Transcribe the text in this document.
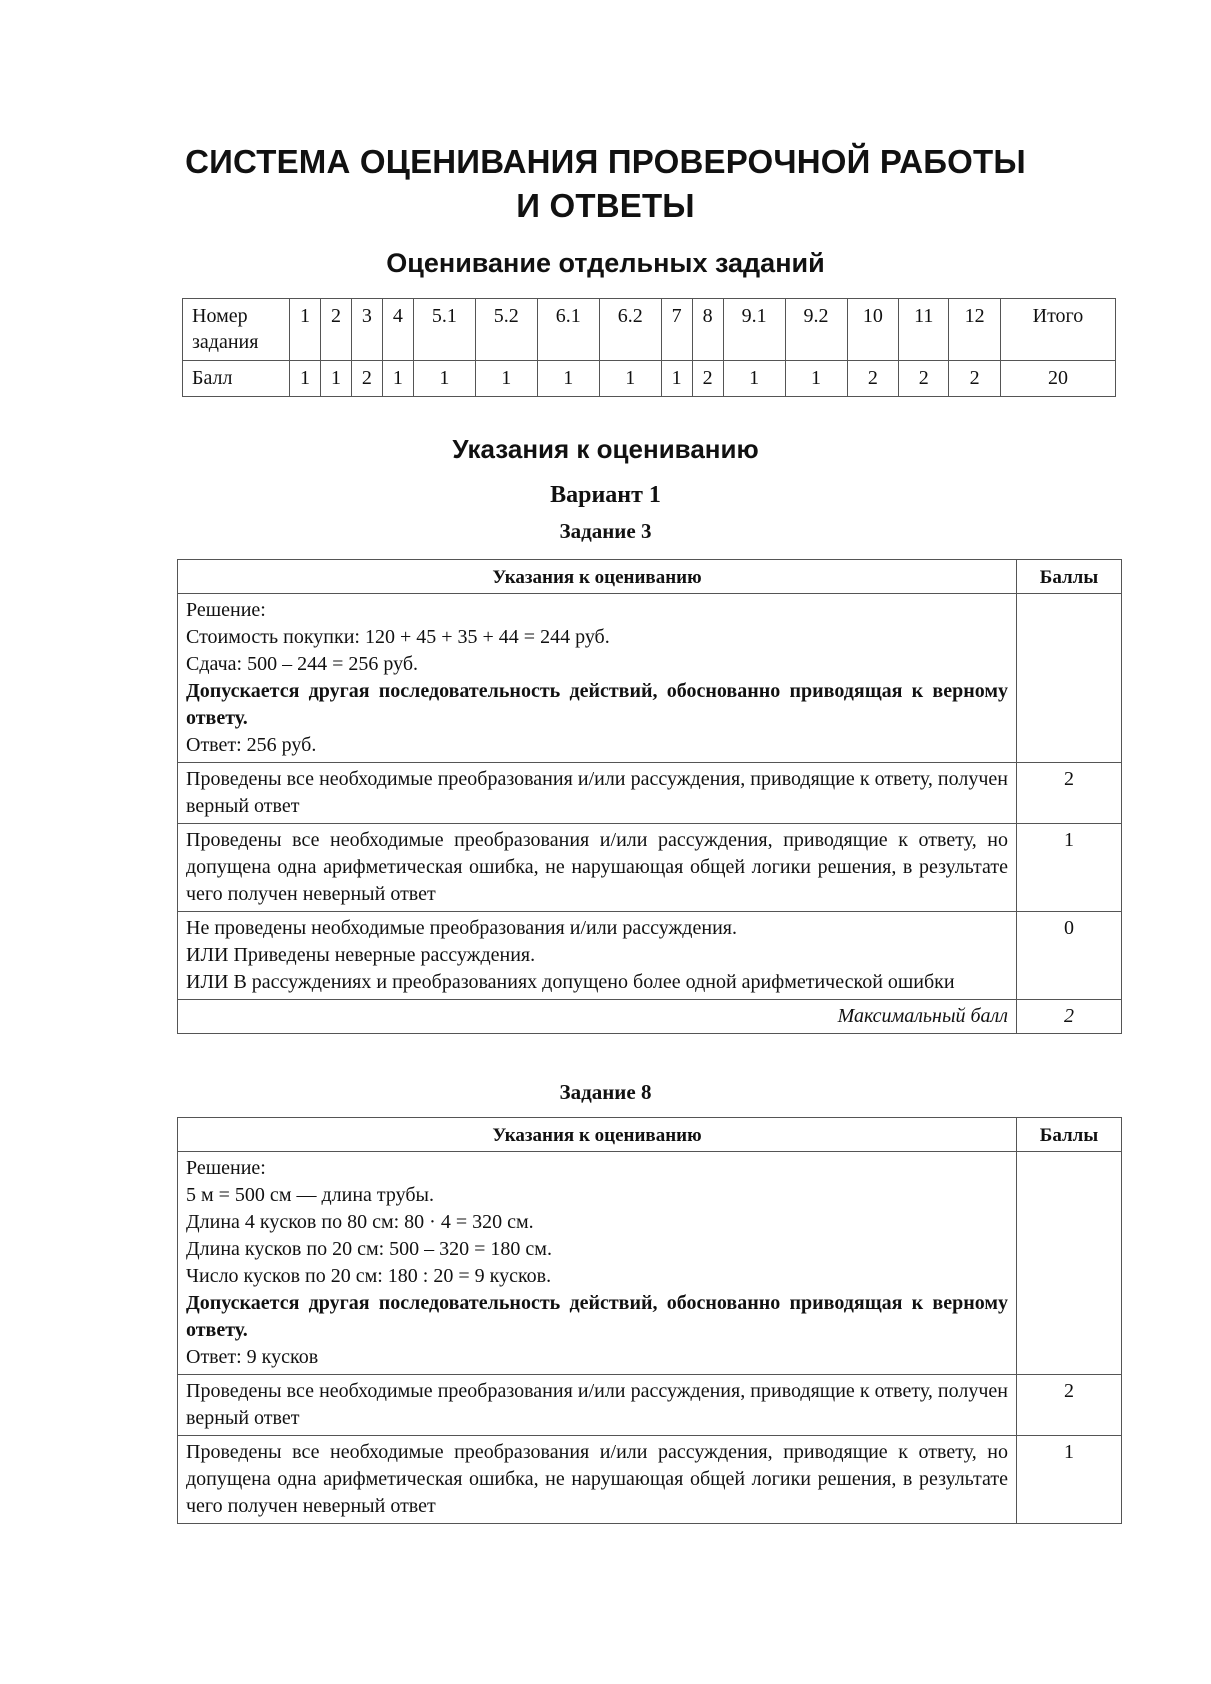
СИСТЕМА ОЦЕНИВАНИЯ ПРОВЕРОЧНОЙ РАБОТЫ
И ОТВЕТЫ
Оценивание отдельных заданий
Номер
задания	1	2	3	4	5.1	5.2	6.1	6.2	7	8	9.1	9.2	10	11	12	Итого
Балл	1	1	2	1	1	1	1	1	1	2	1	1	2	2	2	20
Указания к оцениванию
Вариант 1
Задание 3
Указания к оцениванию	Баллы

Решение:
Стоимость покупки: 120 + 45 + 35 + 44 = 244 руб.
Сдача: 500 – 244 = 256 руб.
Допускается другая последовательность действий, обоснованно приводящая к верному ответу.
Ответ: 256 руб.	

Проведены все необходимые преобразования и/или рассуждения, приводящие к ответу, получен верный ответ	2
Проведены все необходимые преобразования и/или рассуждения, приводящие к ответу, но допущена одна арифметическая ошибка, не нарушающая общей логики решения, в результате чего получен неверный ответ	1

Не проведены необходимые преобразования и/или рассуждения.
ИЛИ Приведены неверные рассуждения.
ИЛИ В рассуждениях и преобразованиях допущено более одной арифметической ошибки	0
Максимальный балл	2
Задание 8
Указания к оцениванию	Баллы

Решение:
5 м = 500 см — длина трубы.
Длина 4 кусков по 80 см: 80 · 4 = 320 см.
Длина кусков по 20 см: 500 – 320 = 180 см.
Число кусков по 20 см: 180 : 20 = 9 кусков.
Допускается другая последовательность действий, обоснованно приводящая к верному ответу.
Ответ: 9 кусков

Проведены все необходимые преобразования и/или рассуждения, приводящие к ответу, получен верный ответ	2
Проведены все необходимые преобразования и/или рассуждения, приводящие к ответу, но допущена одна арифметическая ошибка, не нарушающая общей логики решения, в результате чего получен неверный ответ	1
